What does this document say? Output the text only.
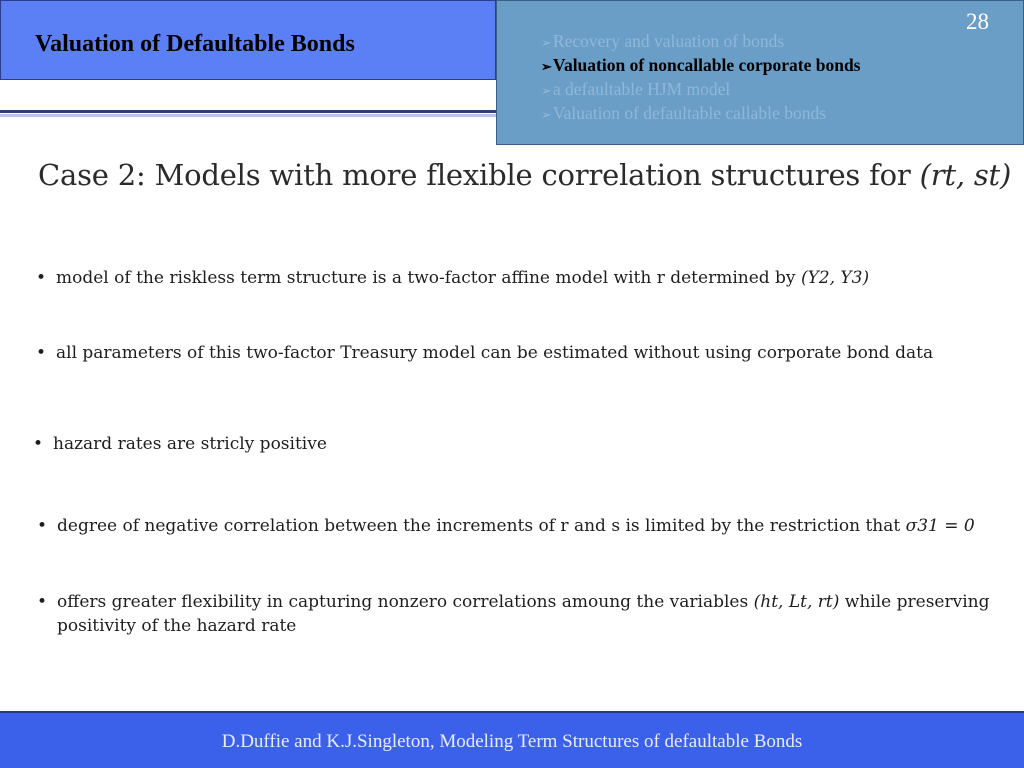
Valuation of Defaultable Bonds
28
➢Recovery and valuation of bonds
➢Valuation of noncallable corporate bonds
➢a defaultable HJM model
➢Valuation of defaultable callable bonds
Case 2: Models with more flexible correlation structures for (rt, st)
• model of the riskless term structure is a two-factor affine model with r determined by (Y2, Y3)
• all parameters of this two-factor Treasury model can be estimated without using corporate bond data
• hazard rates are stricly positive
• degree of negative correlation between the increments of r and s is limited by the restriction that σ31 = 0
• offers greater flexibility in capturing nonzero correlations amoung the variables (ht, Lt, rt) while preserving
positivity of the hazard rate
D.Duffie and K.J.Singleton, Modeling Term Structures of defaultable Bonds
